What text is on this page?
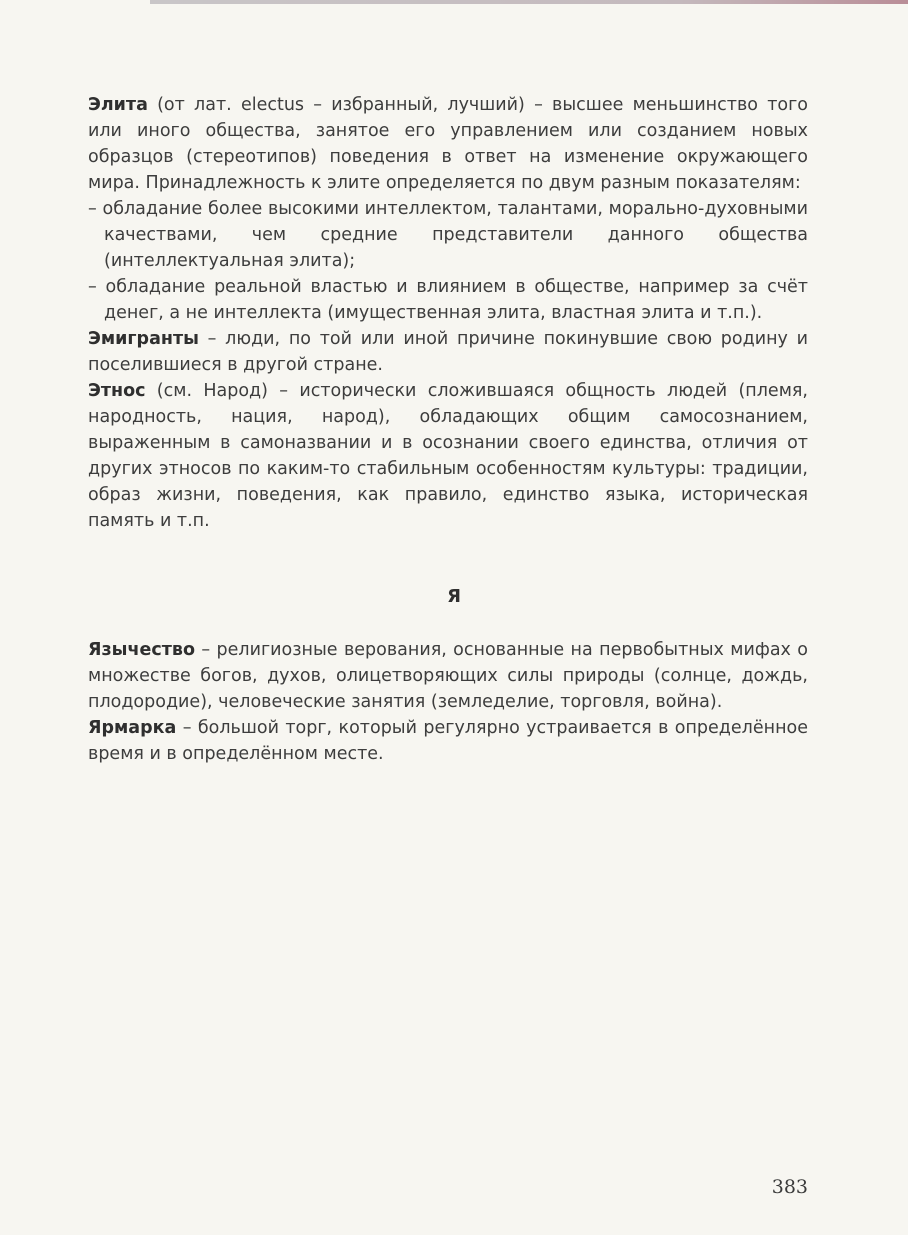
Элита (от лат. electus – избранный, лучший) – высшее меньшинство того или иного общества, занятое его управлением или созданием новых образцов (стереотипов) поведения в ответ на изменение окружающего мира. Принадлежность к элите определяется по двум разным показателям:

– обладание более высокими интеллектом, талантами, морально-духовными качествами, чем средние представители данного общества (интеллектуальная элита);
– обладание реальной властью и влиянием в обществе, например за счёт денег, а не интеллекта (имущественная элита, властная элита и т.п.).

Эмигранты – люди, по той или иной причине покинувшие свою родину и поселившиеся в другой стране.

Этнос (см. Народ) – исторически сложившаяся общность людей (племя, народность, нация, народ), обладающих общим самосознанием, выраженным в самоназвании и в осознании своего единства, отличия от других этносов по каким-то стабильным особенностям культуры: традиции, образ жизни, поведения, как правило, единство языка, историческая память и т.п.

Я

Язычество – религиозные верования, основанные на первобытных мифах о множестве богов, духов, олицетворяющих силы природы (солнце, дождь, плодородие), человеческие занятия (земледелие, торговля, война).

Ярмарка – большой торг, который регулярно устраивается в определённое время и в определённом месте.

383
